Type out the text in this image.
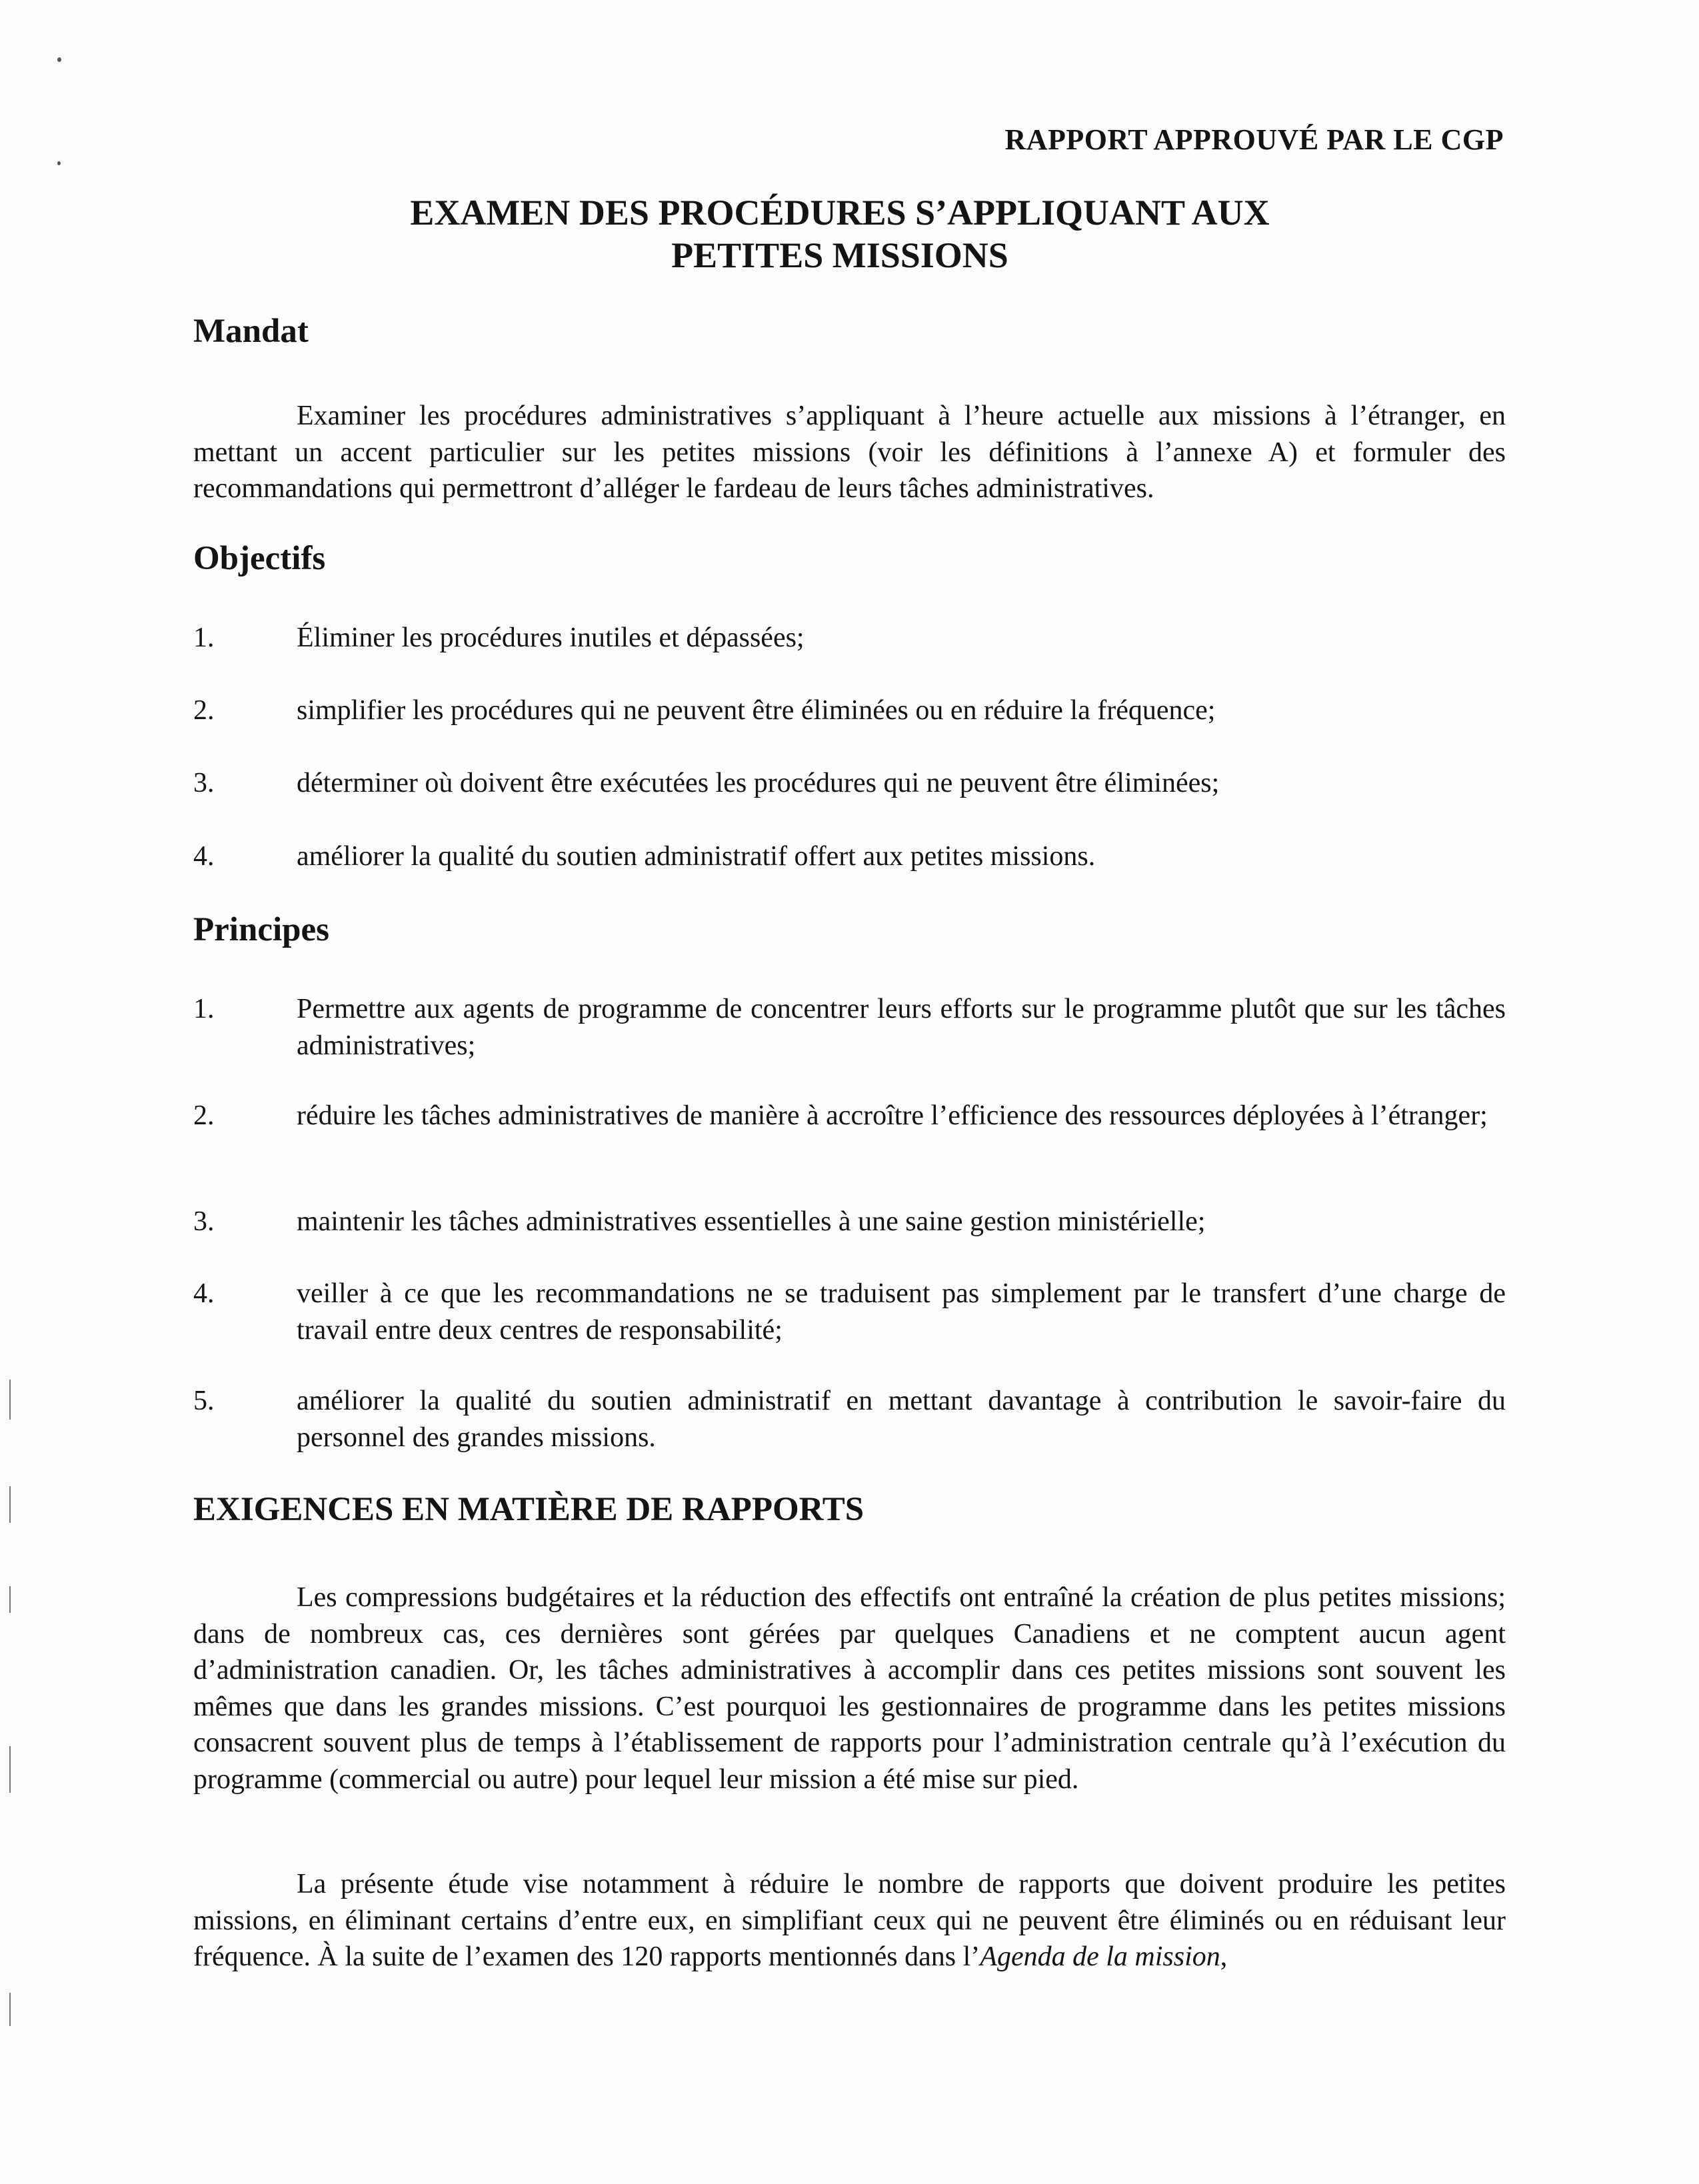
RAPPORT APPROUVÉ PAR LE CGP
EXAMEN DES PROCÉDURES S’APPLIQUANT AUX
PETITES MISSIONS
Mandat

Examiner les procédures administratives s’appliquant à l’heure actuelle aux missions à l’étranger, en mettant un accent particulier sur les petites missions (voir les définitions à l’annexe A) et formuler des recommandations qui permettront d’alléger le fardeau de leurs tâches administratives.

Objectifs
1.	Éliminer les procédures inutiles et dépassées;
2.	simplifier les procédures qui ne peuvent être éliminées ou en réduire la fréquence;
3.	déterminer où doivent être exécutées les procédures qui ne peuvent être éliminées;
4.	améliorer la qualité du soutien administratif offert aux petites missions.
Principes
1.	Permettre aux agents de programme de concentrer leurs efforts sur le programme plutôt que sur les tâches administratives;
2.	réduire les tâches administratives de manière à accroître l’efficience des ressources déployées à l’étranger;
3.	maintenir les tâches administratives essentielles à une saine gestion ministérielle;
4.	veiller à ce que les recommandations ne se traduisent pas simplement par le transfert d’une charge de travail entre deux centres de responsabilité;
5.	améliorer la qualité du soutien administratif en mettant davantage à contribution le savoir-faire du personnel des grandes missions.
EXIGENCES EN MATIÈRE DE RAPPORTS

Les compressions budgétaires et la réduction des effectifs ont entraîné la création de plus petites missions; dans de nombreux cas, ces dernières sont gérées par quelques Canadiens et ne comptent aucun agent d’administration canadien. Or, les tâches administratives à accomplir dans ces petites missions sont souvent les mêmes que dans les grandes missions. C’est pourquoi les gestionnaires de programme dans les petites missions consacrent souvent plus de temps à l’établissement de rapports pour l’administration centrale qu’à l’exécution du programme (commercial ou autre) pour lequel leur mission a été mise sur pied.

La présente étude vise notamment à réduire le nombre de rapports que doivent produire les petites missions, en éliminant certains d’entre eux, en simplifiant ceux qui ne peuvent être éliminés ou en réduisant leur fréquence. À la suite de l’examen des 120 rapports mentionnés dans l’Agenda de la mission,
